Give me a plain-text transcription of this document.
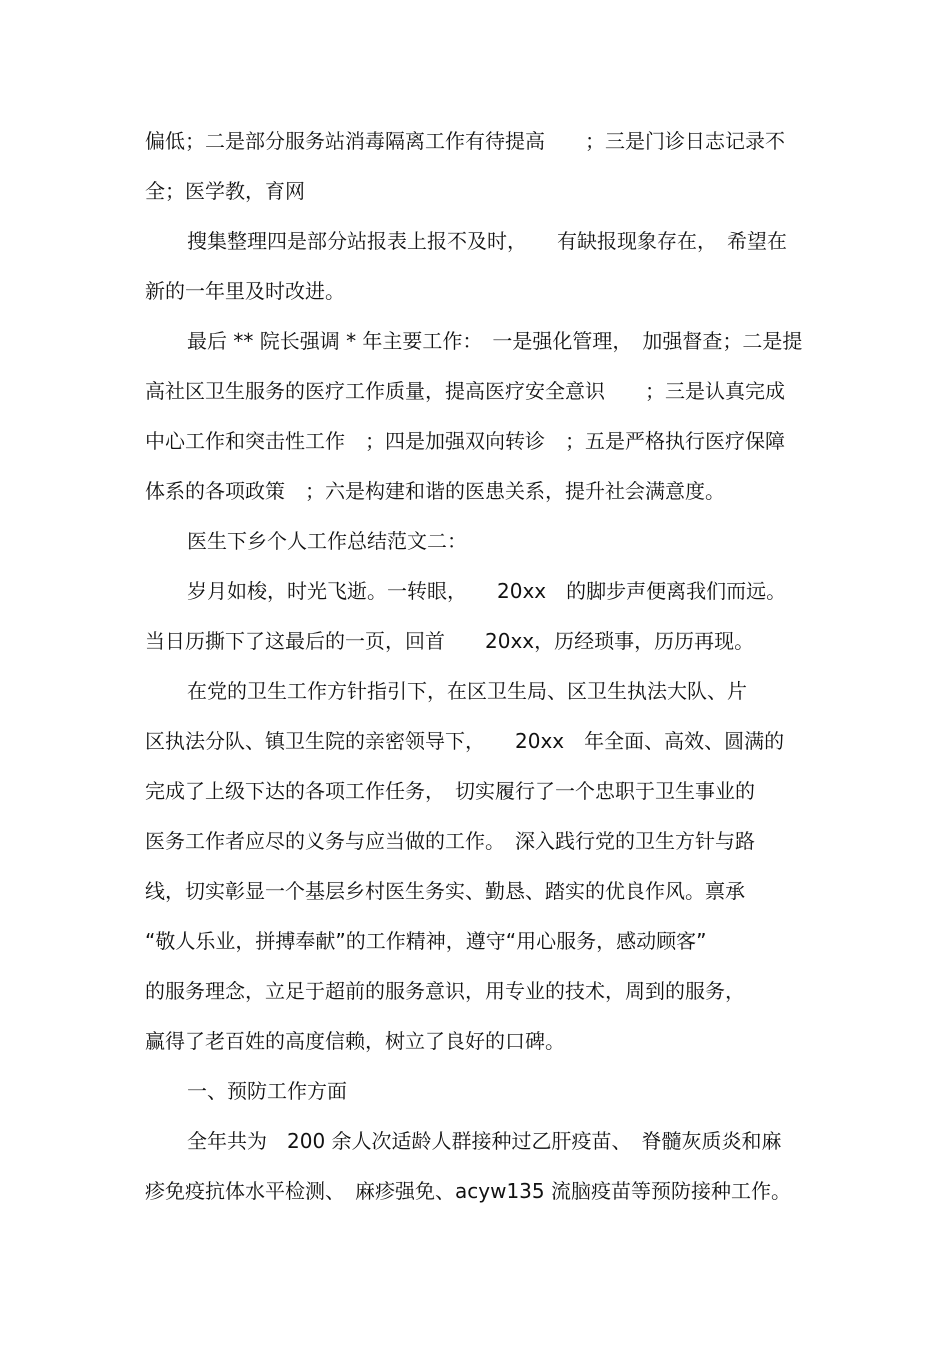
偏低；二是部分服务站消毒隔离工作有待提高　　；三是门诊日志记录不
全；医学教，育网
搜集整理四是部分站报表上报不及时，　　有缺报现象存在，　希望在
新的一年里及时改进。
最后 ** 院长强调 * 年主要工作：　一是强化管理，　加强督查；二是提
高社区卫生服务的医疗工作质量，提高医疗安全意识　　；三是认真完成
中心工作和突击性工作　；四是加强双向转诊　；五是严格执行医疗保障
体系的各项政策　；六是构建和谐的医患关系，提升社会满意度。
医生下乡个人工作总结范文二：
岁月如梭，时光飞逝。一转眼，　　20xx　的脚步声便离我们而远。
当日历撕下了这最后的一页，回首　　20xx，历经琐事，历历再现。
在党的卫生工作方针指引下，在区卫生局、区卫生执法大队、片
区执法分队、镇卫生院的亲密领导下，　　20xx　年全面、高效、圆满的
完成了上级下达的各项工作任务，　切实履行了一个忠职于卫生事业的
医务工作者应尽的义务与应当做的工作。　深入践行党的卫生方针与路
线，切实彰显一个基层乡村医生务实、勤恳、踏实的优良作风。禀承
“敬人乐业，拼搏奉献”的工作精神，遵守“用心服务，感动顾客”
的服务理念，立足于超前的服务意识，用专业的技术，周到的服务，
赢得了老百姓的高度信赖，树立了良好的口碑。
一、预防工作方面
全年共为　200 余人次适龄人群接种过乙肝疫苗、　脊髓灰质炎和麻
疹免疫抗体水平检测、　麻疹强免、acyw135 流脑疫苗等预防接种工作。
